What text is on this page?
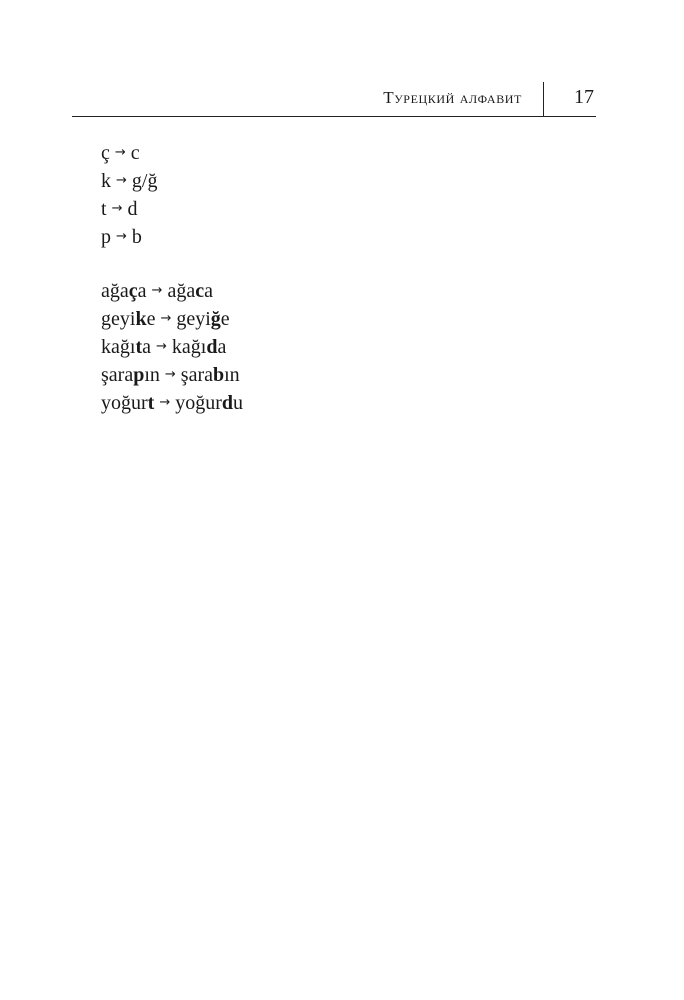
Турецкий алфавит	17
ç → c
k → g/ğ
t → d
p → b
ağaça → ağaca
geyike → geyiğe
kağıta → kağıda
şarapın → şarabın
yoğurt → yoğurdu
